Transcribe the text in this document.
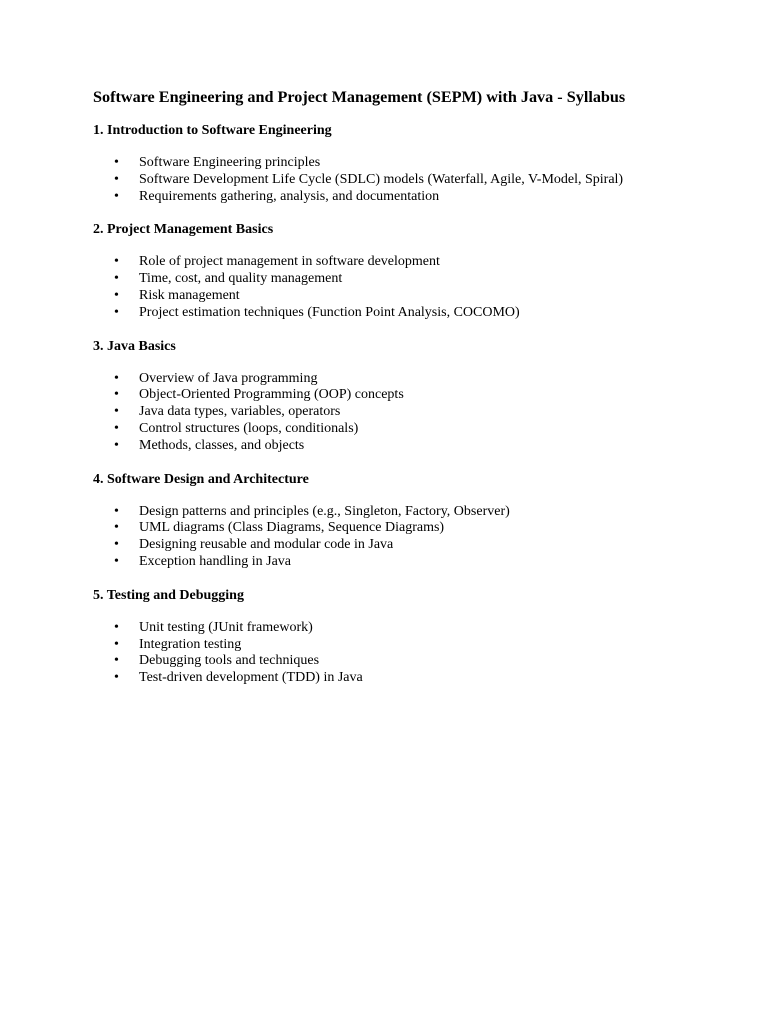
Software Engineering and Project Management (SEPM) with Java - Syllabus
1. Introduction to Software Engineering
• Software Engineering principles
• Software Development Life Cycle (SDLC) models (Waterfall, Agile, V-Model, Spiral)
• Requirements gathering, analysis, and documentation
2. Project Management Basics
• Role of project management in software development
• Time, cost, and quality management
• Risk management
• Project estimation techniques (Function Point Analysis, COCOMO)
3. Java Basics
• Overview of Java programming
• Object-Oriented Programming (OOP) concepts
• Java data types, variables, operators
• Control structures (loops, conditionals)
• Methods, classes, and objects
4. Software Design and Architecture
• Design patterns and principles (e.g., Singleton, Factory, Observer)
• UML diagrams (Class Diagrams, Sequence Diagrams)
• Designing reusable and modular code in Java
• Exception handling in Java
5. Testing and Debugging
• Unit testing (JUnit framework)
• Integration testing
• Debugging tools and techniques
• Test-driven development (TDD) in Java
